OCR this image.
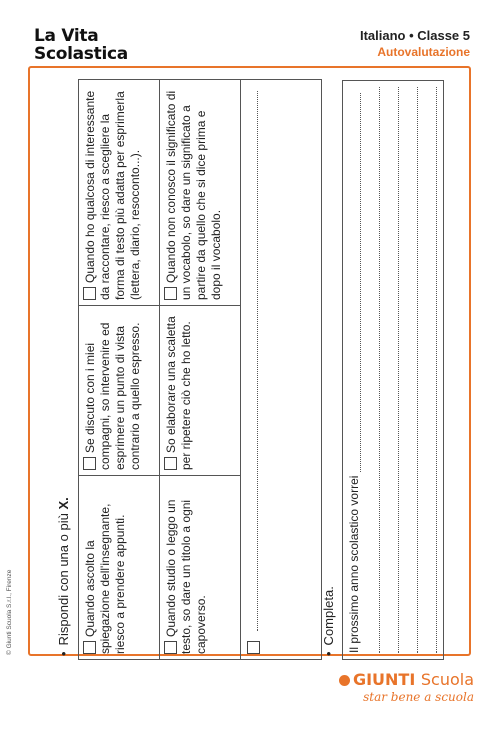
La Vita
Scolastica
Italiano • Classe 5
Autovalutazione
© Giunti Scuola S.r.l., Firenze	•Rispondi con una o più X.
Quando ascolto la spiegazione dell'insegnante, riesco a prendere appunti.
Se discuto con i miei compagni, so intervenire ed esprimere un punto di vista contrario a quello espresso.
Quando ho qualcosa di interessante da raccontare, riesco a scegliere la forma di testo più adatta per esprimerla (lettera, diario, resoconto...).
Quando studio o leggo un testo, so dare un titolo a ogni capoverso.
So elaborare una scaletta per ripetere ciò che ho letto.
Quando non conosco il significato di un vocabolo, so dare un significato a partire da quello che si dice prima e dopo il vocabolo.
•Completa. Il prossimo anno scolastico vorrei
GIUNTI Scuola
star bene a scuola
